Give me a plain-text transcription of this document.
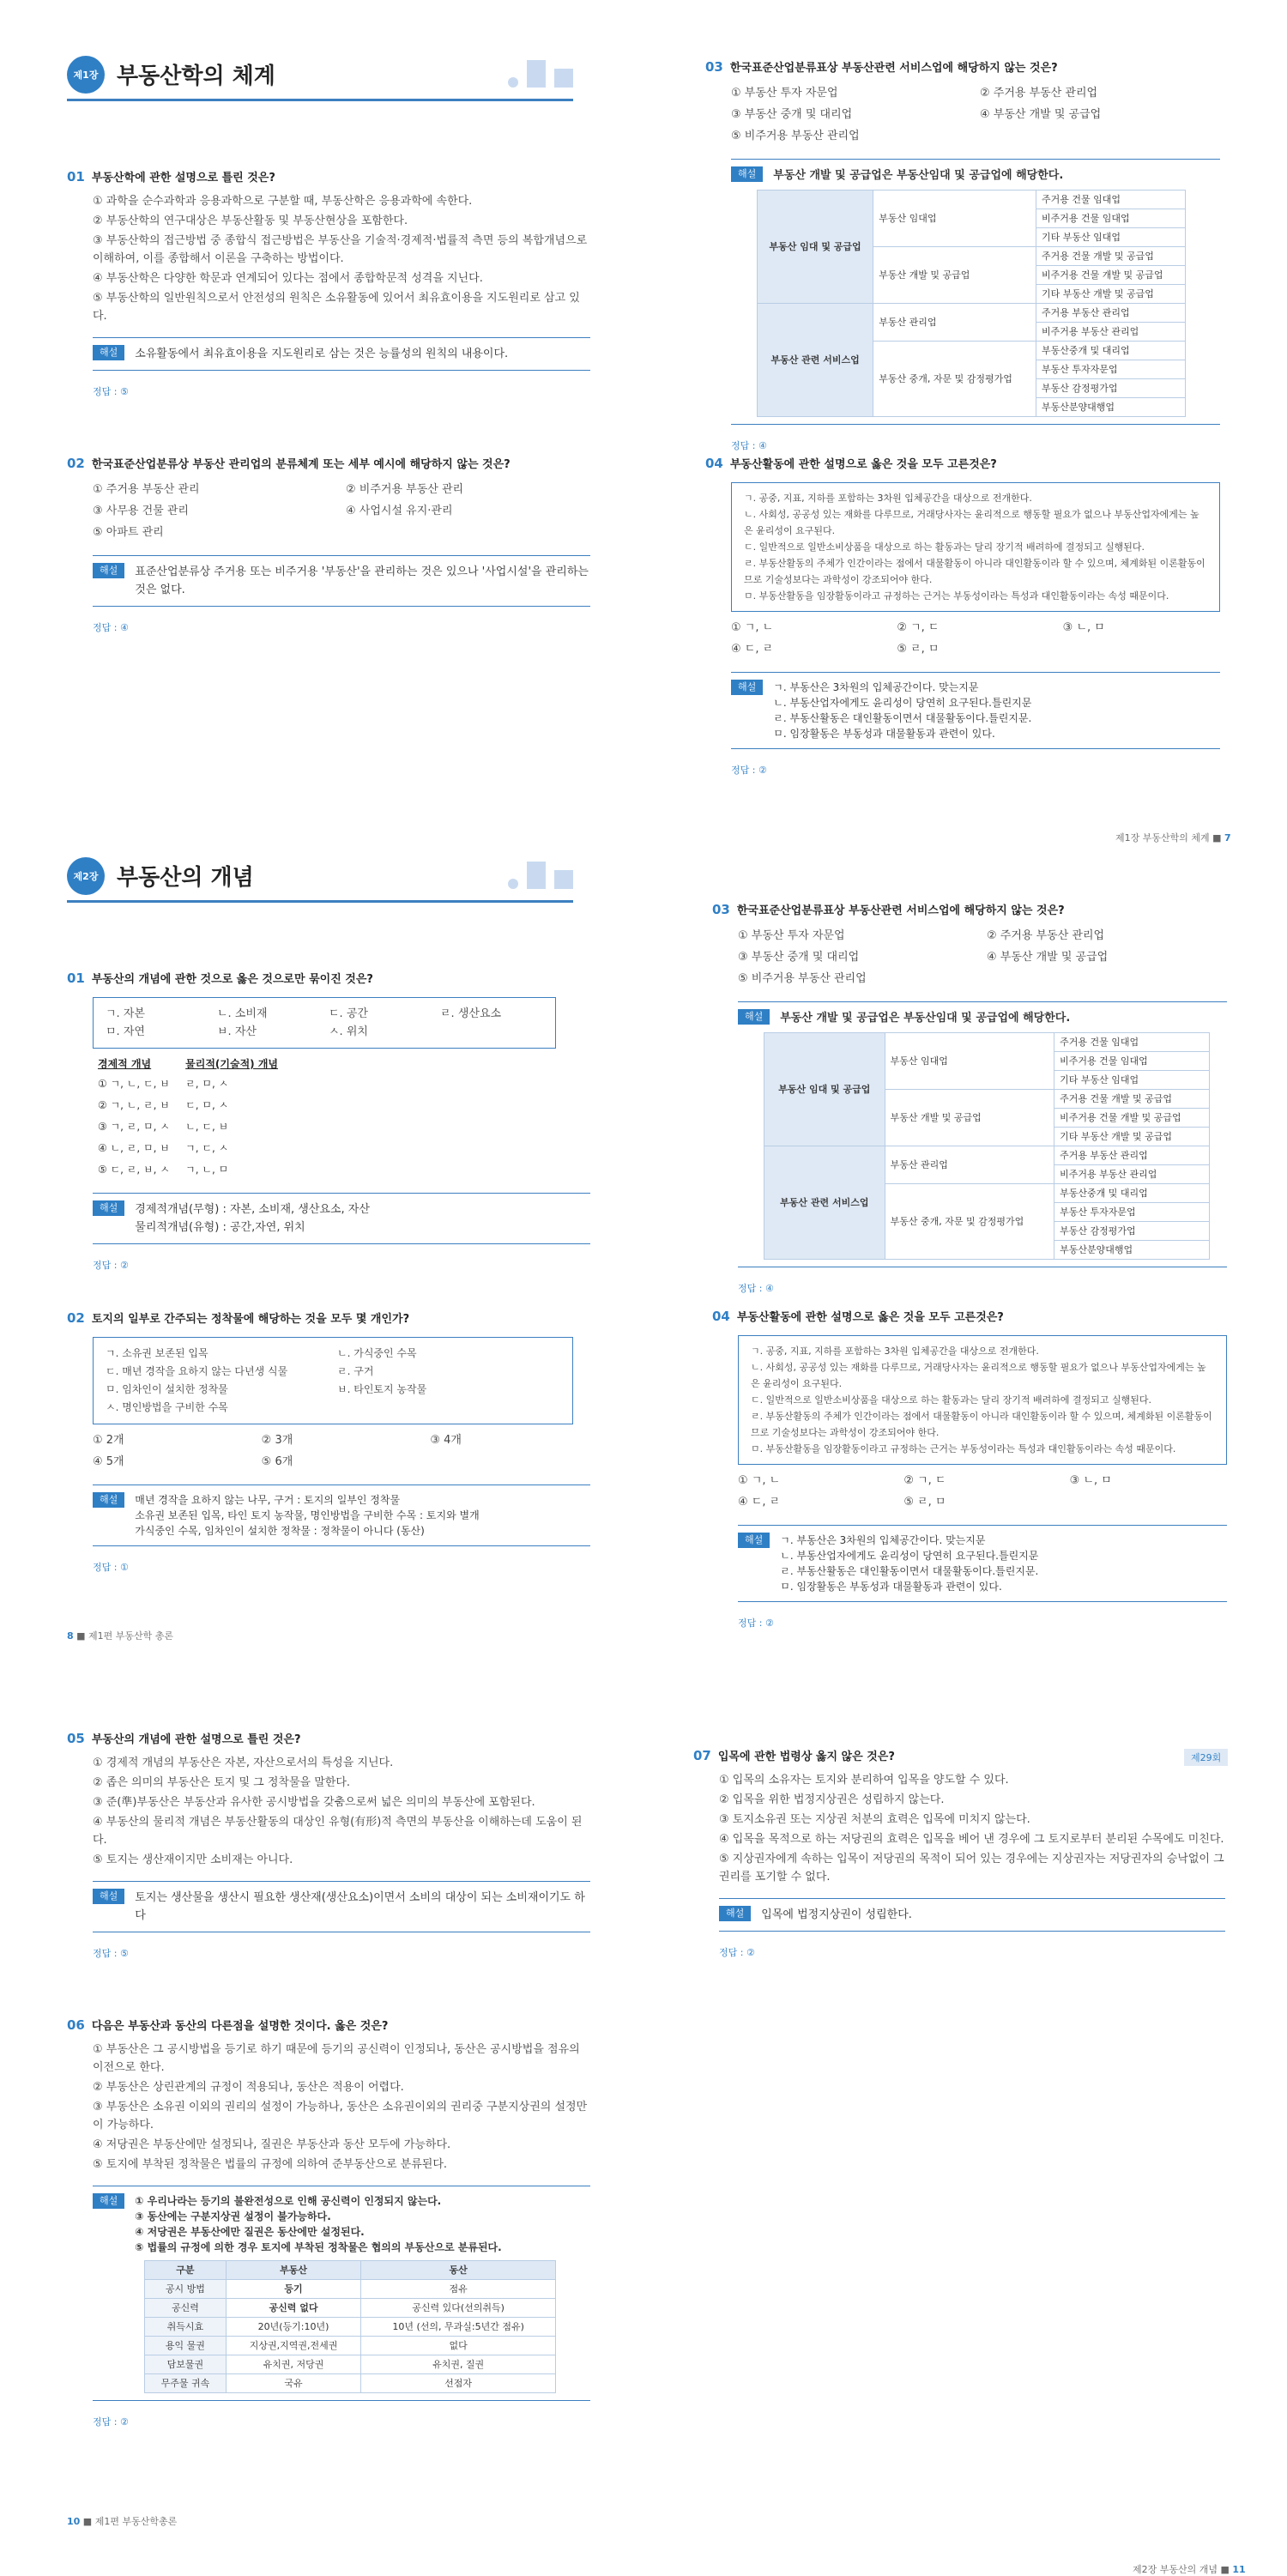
제1장 부동산학의 체계
01 부동산학에 관한 설명으로 틀린 것은?
① 과학을 순수과학과 응용과학으로 구분할 때, 부동산학은 응용과학에 속한다.
② 부동산학의 연구대상은 부동산활동 및 부동산현상을 포함한다.
③ 부동산학의 접근방법 중 종합식 접근방법은 부동산을 기술적·경제적·법률적 측면 등의 복합개념으로 이해하여, 이를 종합해서 이론을 구축하는 방법이다.
④ 부동산학은 다양한 학문과 연계되어 있다는 점에서 종합학문적 성격을 지닌다.
⑤ 부동산학의 일반원칙으로서 안전성의 원칙은 소유활동에 있어서 최유효이용을 지도원리로 삼고 있다.
해설	소유활동에서 최유효이용을 지도원리로 삼는 것은 능률성의 원칙의 내용이다.
정답 : ⑤
02 한국표준산업분류상 부동산 관리업의 분류체계 또는 세부 예시에 해당하지 않는 것은?
① 주거용 부동산 관리	② 비주거용 부동산 관리
③ 사무용 건물 관리	④ 사업시설 유지·관리
⑤ 아파트 관리
해설	표준산업분류상 주거용 또는 비주거용 '부동산'을 관리하는 것은 있으나 '사업시설'을 관리하는 것은 없다.
정답 : ④
03 한국표준산업분류표상 부동산관련 서비스업에 해당하지 않는 것은?
① 부동산 투자 자문업	② 주거용 부동산 관리업
③ 부동산 중개 및 대리업	④ 부동산 개발 및 공급업
⑤ 비주거용 부동산 관리업
해설	부동산 개발 및 공급업은 부동산임대 및 공급업에 해당한다.
부동산 임대 및 공급업	부동산 임대업	주거용 건물 임대업
		비주거용 건물 임대업
		기타 부동산 임대업
	부동산 개발 및 공급업	주거용 건물 개발 및 공급업
		비주거용 건물 개발 및 공급업
		기타 부동산 개발 및 공급업
부동산 관련 서비스업	부동산 관리업	주거용 부동산 관리업
		비주거용 부동산 관리업
	부동산 중개, 자문 및 감정평가업	부동산중개 및 대리업
		부동산 투자자문업
		부동산 감정평가업
		부동산분양대행업
정답 : ④
04 부동산활동에 관한 설명으로 옳은 것을 모두 고른것은?
ㄱ. 공중, 지표, 지하를 포함하는 3차원 입체공간을 대상으로 전개한다.
ㄴ. 사회성, 공공성 있는 재화를 다루므로, 거래당사자는 윤리적으로 행동할 필요가 없으나 부동산업자에게는 높은 윤리성이 요구된다.
ㄷ. 일반적으로 일반소비상품을 대상으로 하는 활동과는 달리 장기적 배려하에 결정되고 실행된다.
ㄹ. 부동산활동의 주체가 인간이라는 점에서 대물활동이 아니라 대인활동이라 할 수 있으며, 체계화된 이론활동이므로 기술성보다는 과학성이 강조되어야 한다.
ㅁ. 부동산활동을 임장활동이라고 규정하는 근거는 부동성이라는 특성과 대인활동이라는 속성 때문이다.
① ㄱ, ㄴ	② ㄱ, ㄷ	③ ㄴ, ㅁ
④ ㄷ, ㄹ	⑤ ㄹ, ㅁ
해설	ㄱ. 부동산은 3차원의 입체공간이다. 맞는지문
ㄴ. 부동산업자에게도 윤리성이 당연히 요구된다.틀린지문
ㄹ. 부동산활동은 대인활동이면서 대물활동이다.틀린지문.
ㅁ. 임장활동은 부동성과 대물활동과 관련이 있다.
정답 : ②
제1장 부동산학의 체계 ■ 7
제2장 부동산의 개념
01 부동산의 개념에 관한 것으로 옳은 것으로만 묶이진 것은?
ㄱ. 자본	ㄴ. 소비재	ㄷ. 공간	ㄹ. 생산요소
ㅁ. 자연	ㅂ. 자산	ㅅ. 위치
경제적 개념	물리적(기술적) 개념
① ㄱ, ㄴ, ㄷ, ㅂ	ㄹ, ㅁ, ㅅ
② ㄱ, ㄴ, ㄹ, ㅂ	ㄷ, ㅁ, ㅅ
③ ㄱ, ㄹ, ㅁ, ㅅ	ㄴ, ㄷ, ㅂ
④ ㄴ, ㄹ, ㅁ, ㅂ	ㄱ, ㄷ, ㅅ
⑤ ㄷ, ㄹ, ㅂ, ㅅ	ㄱ, ㄴ, ㅁ
해설	경제적개념(무형) : 자본, 소비재, 생산요소, 자산
물리적개념(유형) : 공간,자연, 위치
정답 : ②
02 토지의 일부로 간주되는 정착물에 해당하는 것을 모두 몇 개인가?
ㄱ. 소유권 보존된 입목	ㄴ. 가식중인 수목
ㄷ. 매년 경작을 요하지 않는 다년생 식물	ㄹ. 구거
ㅁ. 임차인이 설치한 정착물	ㅂ. 타인토지 농작물
ㅅ. 명인방법을 구비한 수목
① 2개	② 3개	③ 4개
④ 5개	⑤ 6개
해설	매년 경작을 요하지 않는 나무, 구거 : 토지의 일부인 정착물
소유권 보존된 입목, 타인 토지 농작물, 명인방법을 구비한 수목 : 토지와 별개
가식중인 수목, 임차인이 설치한 정착물 : 정착물이 아니다 (동산)
정답 : ①
8 ■ 제1편 부동산학 총론
03 한국표준산업분류표상 부동산관련 서비스업에 해당하지 않는 것은?
① 부동산 투자 자문업	② 주거용 부동산 관리업
③ 부동산 중개 및 대리업	④ 부동산 개발 및 공급업
⑤ 비주거용 부동산 관리업
해설	부동산 개발 및 공급업은 부동산임대 및 공급업에 해당한다.
부동산 임대 및 공급업	부동산 임대업	주거용 건물 임대업
		비주거용 건물 임대업
		기타 부동산 임대업
	부동산 개발 및 공급업	주거용 건물 개발 및 공급업
		비주거용 건물 개발 및 공급업
		기타 부동산 개발 및 공급업
부동산 관련 서비스업	부동산 관리업	주거용 부동산 관리업
		비주거용 부동산 관리업
	부동산 중개, 자문 및 감정평가업	부동산중개 및 대리업
		부동산 투자자문업
		부동산 감정평가업
		부동산분양대행업
정답 : ④
04 부동산활동에 관한 설명으로 옳은 것을 모두 고른것은?
ㄱ. 공중, 지표, 지하를 포함하는 3차원 입체공간을 대상으로 전개한다.
ㄴ. 사회성, 공공성 있는 재화를 다루므로, 거래당사자는 윤리적으로 행동할 필요가 없으나 부동산업자에게는 높은 윤리성이 요구된다.
ㄷ. 일반적으로 일반소비상품을 대상으로 하는 활동과는 달리 장기적 배려하에 결정되고 실행된다.
ㄹ. 부동산활동의 주체가 인간이라는 점에서 대물활동이 아니라 대인활동이라 할 수 있으며, 체계화된 이론활동이므로 기술성보다는 과학성이 강조되어야 한다.
ㅁ. 부동산활동을 임장활동이라고 규정하는 근거는 부동성이라는 특성과 대인활동이라는 속성 때문이다.
① ㄱ, ㄴ	② ㄱ, ㄷ	③ ㄴ, ㅁ
④ ㄷ, ㄹ	⑤ ㄹ, ㅁ
해설	ㄱ. 부동산은 3차원의 입체공간이다. 맞는지문
ㄴ. 부동산업자에게도 윤리성이 당연히 요구된다.틀린지문
ㄹ. 부동산활동은 대인활동이면서 대물활동이다.틀린지문.
ㅁ. 임장활동은 부동성과 대물활동과 관련이 있다.
정답 : ②
05 부동산의 개념에 관한 설명으로 틀린 것은?
① 경제적 개념의 부동산은 자본, 자산으로서의 특성을 지닌다.
② 좁은 의미의 부동산은 토지 및 그 정착물을 말한다.
③ 준(準)부동산은 부동산과 유사한 공시방법을 갖춤으로써 넓은 의미의 부동산에 포함된다.
④ 부동산의 물리적 개념은 부동산활동의 대상인 유형(有形)적 측면의 부동산을 이해하는데 도움이 된다.
⑤ 토지는 생산재이지만 소비재는 아니다.
해설	토지는 생산물을 생산시 필요한 생산재(생산요소)이면서 소비의 대상이 되는 소비재이기도 하다
정답 : ⑤
06 다음은 부동산과 동산의 다른점을 설명한 것이다. 옳은 것은?
① 부동산은 그 공시방법을 등기로 하기 때문에 등기의 공신력이 인정되나, 동산은 공시방법을 점유의 이전으로 한다.
② 부동산은 상린관계의 규정이 적용되나, 동산은 적용이 어렵다.
③ 부동산은 소유권 이외의 권리의 설정이 가능하나, 동산은 소유권이외의 권리중 구분지상권의 설정만이 가능하다.
④ 저당권은 부동산에만 설정되나, 질권은 부동산과 동산 모두에 가능하다.
⑤ 토지에 부착된 정착물은 법률의 규정에 의하여 준부동산으로 분류된다.
해설	① 우리나라는 등기의 불완전성으로 인해 공신력이 인정되지 않는다.
③ 동산에는 구분지상권 설정이 불가능하다.
④ 저당권은 부동산에만 질권은 동산에만 설정된다.
⑤ 법률의 규정에 의한 경우 토지에 부착된 정착물은 협의의 부동산으로 분류된다.
구분	부동산	동산
공시 방법	등기	점유
공신력	공신력 없다	공신력 있다(선의취득)
취득시효	20년(등기:10년)	10년 (선의, 무과실:5년간 점유)
용익 물권	지상권,지역권,전세권	없다
담보물권	유치권, 저당권	유치권, 질권
무주물 귀속	국유	선점자
정답 : ②
10 ■ 제1편 부동산학총론
07 입목에 관한 법령상 옳지 않은 것은?
① 입목의 소유자는 토지와 분리하여 입목을 양도할 수 있다.
② 입목을 위한 법정지상권은 성립하지 않는다.
③ 토지소유권 또는 지상권 처분의 효력은 입목에 미치지 않는다.
④ 입목을 목적으로 하는 저당권의 효력은 입목을 베어 낸 경우에 그 토지로부터 분리된 수목에도 미친다.
⑤ 지상권자에게 속하는 입목이 저당권의 목적이 되어 있는 경우에는 지상권자는 저당권자의 승낙없이 그 권리를 포기할 수 없다.
해설	입목에 법정지상권이 성립한다.
정답 : ②
제29회
제2장 부동산의 개념 ■ 11
